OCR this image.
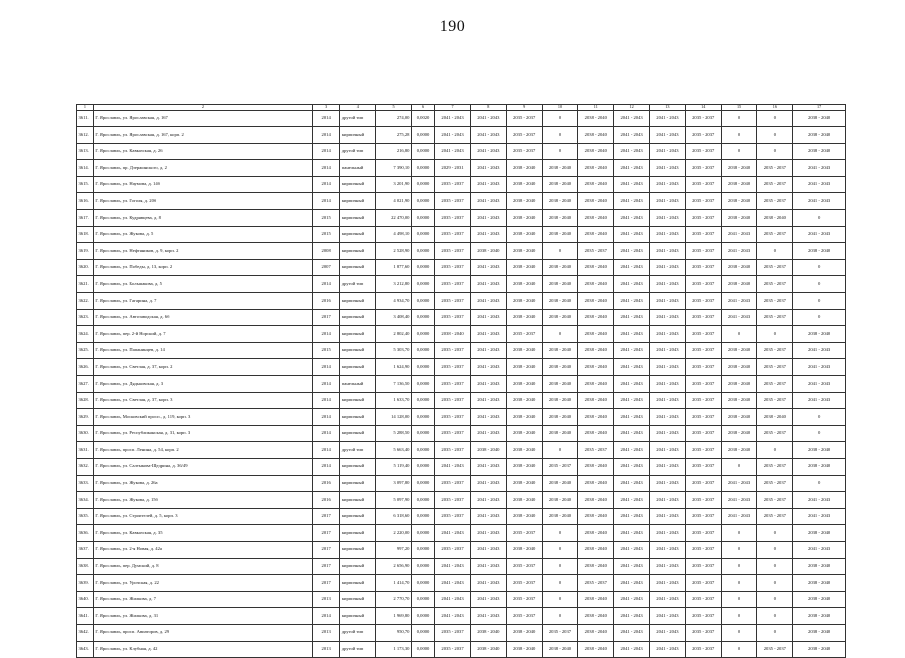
190
1	2	3	4	5	6	7	8	9	10	11	12	13	14	15	16	17
3611.	Г. Ярославль, ул. Ярославская, д. 167	2014	другой тип	274,00	0,0020	2041 - 2043	2041 - 2043	2035 - 2037	0	2038 - 2040	2041 - 2043	2041 - 2043	2035 - 2037	0	0	2038 - 2040
3612.	Г. Ярославль, ул. Ярославская, д. 167, корп. 2	2014	кирпичный	275,28	0,0000	2041 - 2043	2041 - 2043	2035 - 2037	0	2038 - 2040	2041 - 2043	2041 - 2043	2035 - 2037	0	0	2038 - 2040
3613.	Г. Ярославль, ул. Кавказская, д. 26	2014	другой тип	216,80	0,0000	2041 - 2043	2041 - 2043	2035 - 2037	0	2038 - 2040	2041 - 2043	2041 - 2043	2035 - 2037	0	0	2038 - 2040
3614.	Г. Ярославль, пр. Дзержинского, д. 2	2014	панельный	7 390,10	0,0000	2029 - 2031	2041 - 2043	2038 - 2040	2038 - 2040	2038 - 2040	2041 - 2043	2041 - 2043	2035 - 2037	2038 - 2040	2035 - 2037	2041 - 2043
3615.	Г. Ярославль, ул. Наумова, д. 14б	2014	кирпичный	3 201,90	0,0000	2035 - 2037	2041 - 2043	2038 - 2040	2038 - 2040	2038 - 2040	2041 - 2043	2041 - 2043	2035 - 2037	2038 - 2040	2035 - 2037	2041 - 2043
3616.	Г. Ярославль, ул. Гоголя, д. 20б	2014	кирпичный	4 021,90	0,0000	2035 - 2037	2041 - 2043	2038 - 2040	2038 - 2040	2038 - 2040	2041 - 2043	2041 - 2043	2035 - 2037	2038 - 2040	2035 - 2037	2041 - 2043
3617.	Г. Ярославль, ул. Кудрявцева, д. 8	2015	кирпичный	22 470,00	0,0000	2035 - 2037	2041 - 2043	2038 - 2040	2038 - 2040	2038 - 2040	2041 - 2043	2041 - 2043	2035 - 2037	2038 - 2040	2038 - 2040	0
3618.	Г. Ярославль, ул. Жукова, д. 5	2015	кирпичный	4 498,10	0,0000	2035 - 2037	2041 - 2043	2038 - 2040	2038 - 2040	2038 - 2040	2041 - 2043	2041 - 2043	2035 - 2037	2041 - 2043	2035 - 2037	2041 - 2043
3619.	Г. Ярославль, ул. Нефтяников, д. 9, корп. 2	2008	кирпичный	2 528,90	0,0000	2035 - 2037	2038 - 2040	2038 - 2040	0	2035 - 2037	2041 - 2043	2041 - 2043	2035 - 2037	2041 - 2043	0	2038 - 2040
3620.	Г. Ярославль, ул. Победы, д. 13, корп. 2	2007	кирпичный	1 877,60	0,0000	2035 - 2037	2041 - 2043	2038 - 2040	2038 - 2040	2038 - 2040	2041 - 2043	2041 - 2043	2035 - 2037	2038 - 2040	2035 - 2037	0
3621.	Г. Ярославль, ул. Большакова, д. 5	2014	другой тип	3 212,80	0,0000	2035 - 2037	2041 - 2043	2038 - 2040	2038 - 2040	2038 - 2040	2041 - 2043	2041 - 2043	2035 - 2037	2038 - 2040	2035 - 2037	0
3622.	Г. Ярославль, ул. Гагарина, д. 7	2016	кирпичный	4 934,70	0,0000	2035 - 2037	2041 - 2043	2038 - 2040	2038 - 2040	2038 - 2040	2041 - 2043	2041 - 2043	2035 - 2037	2041 - 2043	2035 - 2037	0
3623.	Г. Ярославль, ул. Автозаводская, д. 6б	2017	кирпичный	3 408,40	0,0000	2035 - 2037	2041 - 2043	2038 - 2040	2038 - 2040	2038 - 2040	2041 - 2043	2041 - 2043	2035 - 2037	2041 - 2043	2035 - 2037	0
3624.	Г. Ярославль, пер. 2-й Норский, д. 7	2014	кирпичный	2 802,40	0,0000	2038 - 2040	2041 - 2043	2035 - 2037	0	2038 - 2040	2041 - 2043	2041 - 2043	2035 - 2037	0	0	2038 - 2040
3625.	Г. Ярославль, ул. Папанинцев, д. 14	2015	кирпичный	5 303,70	0,0000	2035 - 2037	2041 - 2043	2038 - 2040	2038 - 2040	2038 - 2040	2041 - 2043	2041 - 2043	2035 - 2037	2038 - 2040	2035 - 2037	2041 - 2043
3626.	Г. Ярославль, ул. Светлая, д. 37, корп. 2	2014	кирпичный	1 624,90	0,0000	2035 - 2037	2041 - 2043	2038 - 2040	2038 - 2040	2038 - 2040	2041 - 2043	2041 - 2043	2035 - 2037	2038 - 2040	2035 - 2037	2041 - 2043
3627.	Г. Ярославль, ул. Дядьковская, д. 3	2014	панельный	7 136,50	0,0000	2035 - 2037	2041 - 2043	2038 - 2040	2038 - 2040	2038 - 2040	2041 - 2043	2041 - 2043	2035 - 2037	2038 - 2040	2035 - 2037	2041 - 2043
3628.	Г. Ярославль, ул. Светлая, д. 37, корп. 3	2014	кирпичный	1 633,70	0,0000	2035 - 2037	2041 - 2043	2038 - 2040	2038 - 2040	2038 - 2040	2041 - 2043	2041 - 2043	2035 - 2037	2038 - 2040	2035 - 2037	2041 - 2043
3629.	Г. Ярославль, Московский просп., д. 119, корп. 3	2014	кирпичный	14 128,00	0,0000	2035 - 2037	2041 - 2043	2038 - 2040	2038 - 2040	2038 - 2040	2041 - 2043	2041 - 2043	2035 - 2037	2038 - 2040	2038 - 2040	0
3630.	Г. Ярославль, ул. Республиканская, д. 31, корп. 3	2014	кирпичный	5 288,50	0,0000	2035 - 2037	2041 - 2043	2038 - 2040	2038 - 2040	2038 - 2040	2041 - 2043	2041 - 2043	2035 - 2037	2038 - 2040	2035 - 2037	0
3631.	Г. Ярославль, просп. Ленина, д. 54, корп. 2	2014	другой тип	5 663,40	0,0000	2035 - 2037	2038 - 2040	2038 - 2040	0	2035 - 2037	2041 - 2043	2041 - 2043	2035 - 2037	2038 - 2040	0	2038 - 2040
3632.	Г. Ярославль, ул. Салтыкова-Щедрина, д. 36/49	2014	кирпичный	5 119,40	0,0000	2041 - 2043	2041 - 2043	2038 - 2040	2035 - 2037	2038 - 2040	2041 - 2043	2041 - 2043	2035 - 2037	0	2035 - 2037	2038 - 2040
3633.	Г. Ярославль, ул. Жукова, д. 26а	2016	кирпичный	3 097,80	0,0000	2035 - 2037	2041 - 2043	2038 - 2040	2038 - 2040	2038 - 2040	2041 - 2043	2041 - 2043	2035 - 2037	2041 - 2043	2035 - 2037	0
3634.	Г. Ярославль, ул. Жукова, д. 15б	2016	кирпичный	5 097,90	0,0000	2035 - 2037	2041 - 2043	2038 - 2040	2038 - 2040	2038 - 2040	2041 - 2043	2041 - 2043	2035 - 2037	2041 - 2043	2035 - 2037	2041 - 2043
3635.	Г. Ярославль, ул. Строителей, д. 5, корп. 3	2017	кирпичный	6 318,60	0,0000	2035 - 2037	2041 - 2043	2038 - 2040	2038 - 2040	2038 - 2040	2041 - 2043	2041 - 2043	2035 - 2037	2041 - 2043	2035 - 2037	2041 - 2043
3636.	Г. Ярославль, ул. Кавказская, д. 35	2017	кирпичный	2 220,00	0,0000	2041 - 2043	2041 - 2043	2035 - 2037	0	2038 - 2040	2041 - 2043	2041 - 2043	2035 - 2037	0	0	2038 - 2040
3637.	Г. Ярославль, ул. 2-я Новая, д. 42а	2017	кирпичный	997,20	0,0000	2035 - 2037	2041 - 2043	2038 - 2040	0	2038 - 2040	2041 - 2043	2041 - 2043	2035 - 2037	0	0	2041 - 2043
3638.	Г. Ярославль, пер. Думский, д. 8	2017	кирпичный	2 656,90	0,0000	2041 - 2043	2041 - 2043	2035 - 2037	0	2038 - 2040	2041 - 2043	2041 - 2043	2035 - 2037	0	0	2038 - 2040
3639.	Г. Ярославль, ул. Урочская, д. 22	2017	кирпичный	1 414,70	0,0000	2041 - 2043	2041 - 2043	2035 - 2037	0	2035 - 2037	2041 - 2043	2041 - 2043	2035 - 2037	0	0	2038 - 2040
3640.	Г. Ярославль, ул. Жилкова, д. 7	2013	кирпичный	2 770,70	0,0000	2041 - 2043	2041 - 2043	2035 - 2037	0	2038 - 2040	2041 - 2043	2041 - 2043	2035 - 2037	0	0	2038 - 2040
3641.	Г. Ярославль, ул. Жилкова, д. 31	2014	кирпичный	1 969,80	0,0000	2041 - 2043	2041 - 2043	2035 - 2037	0	2038 - 2040	2041 - 2043	2041 - 2043	2035 - 2037	0	0	2038 - 2040
3642.	Г. Ярославль, просп. Авиаторов, д. 29	2013	другой тип	950,70	0,0000	2035 - 2037	2038 - 2040	2038 - 2040	2035 - 2037	2038 - 2040	2041 - 2043	2041 - 2043	2035 - 2037	0	0	2038 - 2040
3643.	Г. Ярославль, ул. Клубная, д. 42	2013	другой тип	1 173,30	0,0000	2035 - 2037	2038 - 2040	2038 - 2040	2038 - 2040	2038 - 2040	2041 - 2043	2041 - 2043	2035 - 2037	0	2035 - 2037	2038 - 2040
